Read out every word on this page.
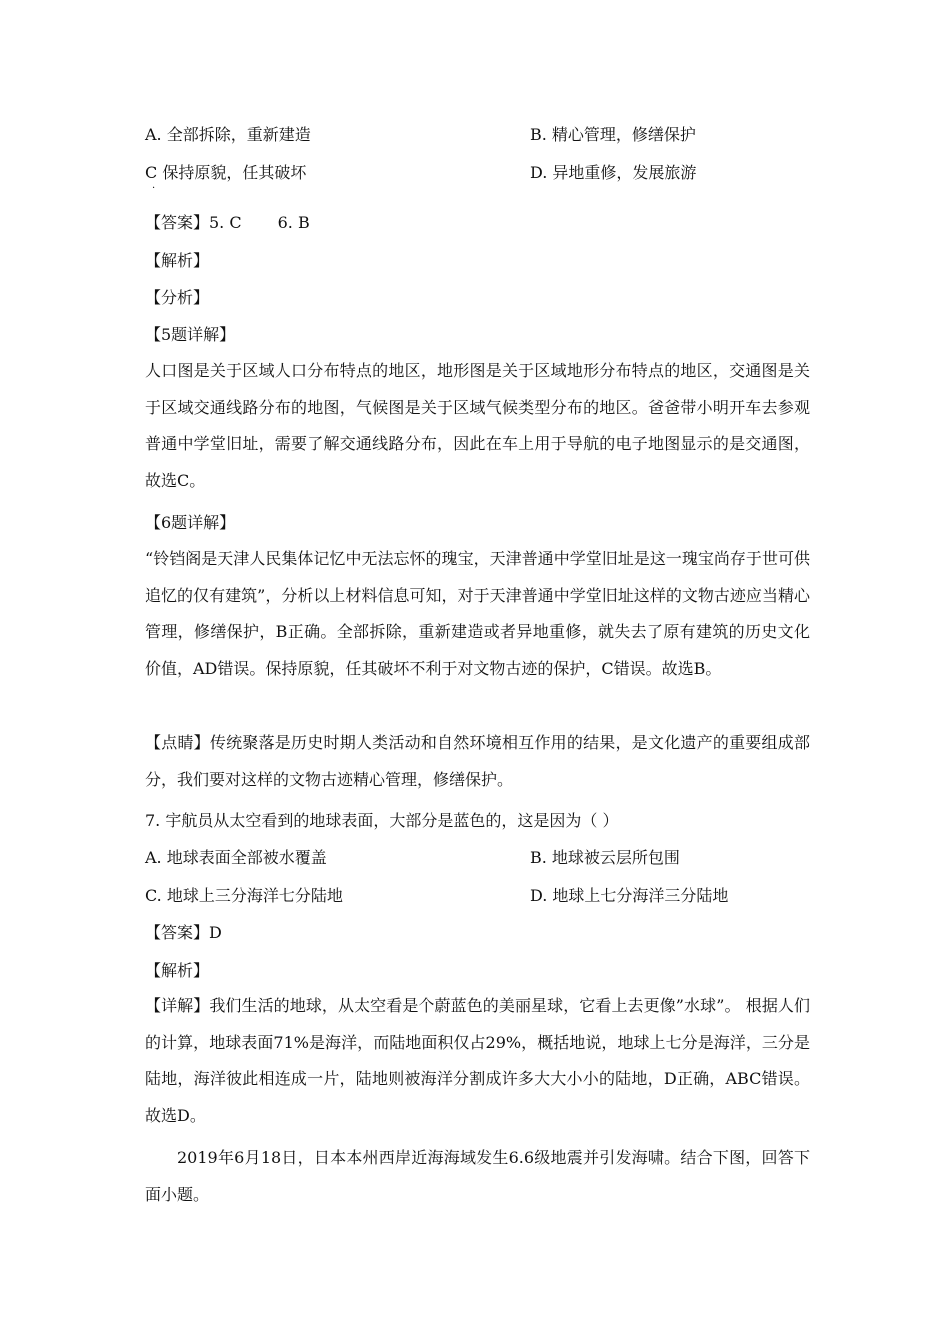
A. 全部拆除，重新建造	B. 精心管理，修缮保护
C 保持原貌，任其破坏	D. 异地重修，发展旅游
·
【答案】5. C 6. B
【解析】
【分析】
【5题详解】
人口图是关于区域人口分布特点的地区，地形图是关于区域地形分布特点的地区，交通图是关于区域交通线路分布的地图，气候图是关于区域气候类型分布的地区。爸爸带小明开车去参观普通中学堂旧址，需要了解交通线路分布，因此在车上用于导航的电子地图显示的是交通图，故选C。
【6题详解】
“铃铛阁是天津人民集体记忆中无法忘怀的瑰宝，天津普通中学堂旧址是这一瑰宝尚存于世可供追忆的仅有建筑”，分析以上材料信息可知，对于天津普通中学堂旧址这样的文物古迹应当精心管理，修缮保护，B正确。全部拆除，重新建造或者异地重修，就失去了原有建筑的历史文化价值，AD错误。保持原貌，任其破坏不利于对文物古迹的保护，C错误。故选B。
【点睛】传统聚落是历史时期人类活动和自然环境相互作用的结果，是文化遗产的重要组成部分，我们要对这样的文物古迹精心管理，修缮保护。
7. 宇航员从太空看到的地球表面，大部分是蓝色的，这是因为（ ）
A. 地球表面全部被水覆盖	B. 地球被云层所包围
C. 地球上三分海洋七分陆地	D. 地球上七分海洋三分陆地
【答案】D
【解析】
【详解】我们生活的地球，从太空看是个蔚蓝色的美丽星球，它看上去更像”水球”。 根据人们的计算，地球表面71%是海洋，而陆地面积仅占29%，概括地说，地球上七分是海洋，三分是陆地，海洋彼此相连成一片，陆地则被海洋分割成许多大大小小的陆地，D正确，ABC错误。故选D。
2019年6月18日，日本本州西岸近海海域发生6.6级地震并引发海啸。结合下图，回答下面小题。
